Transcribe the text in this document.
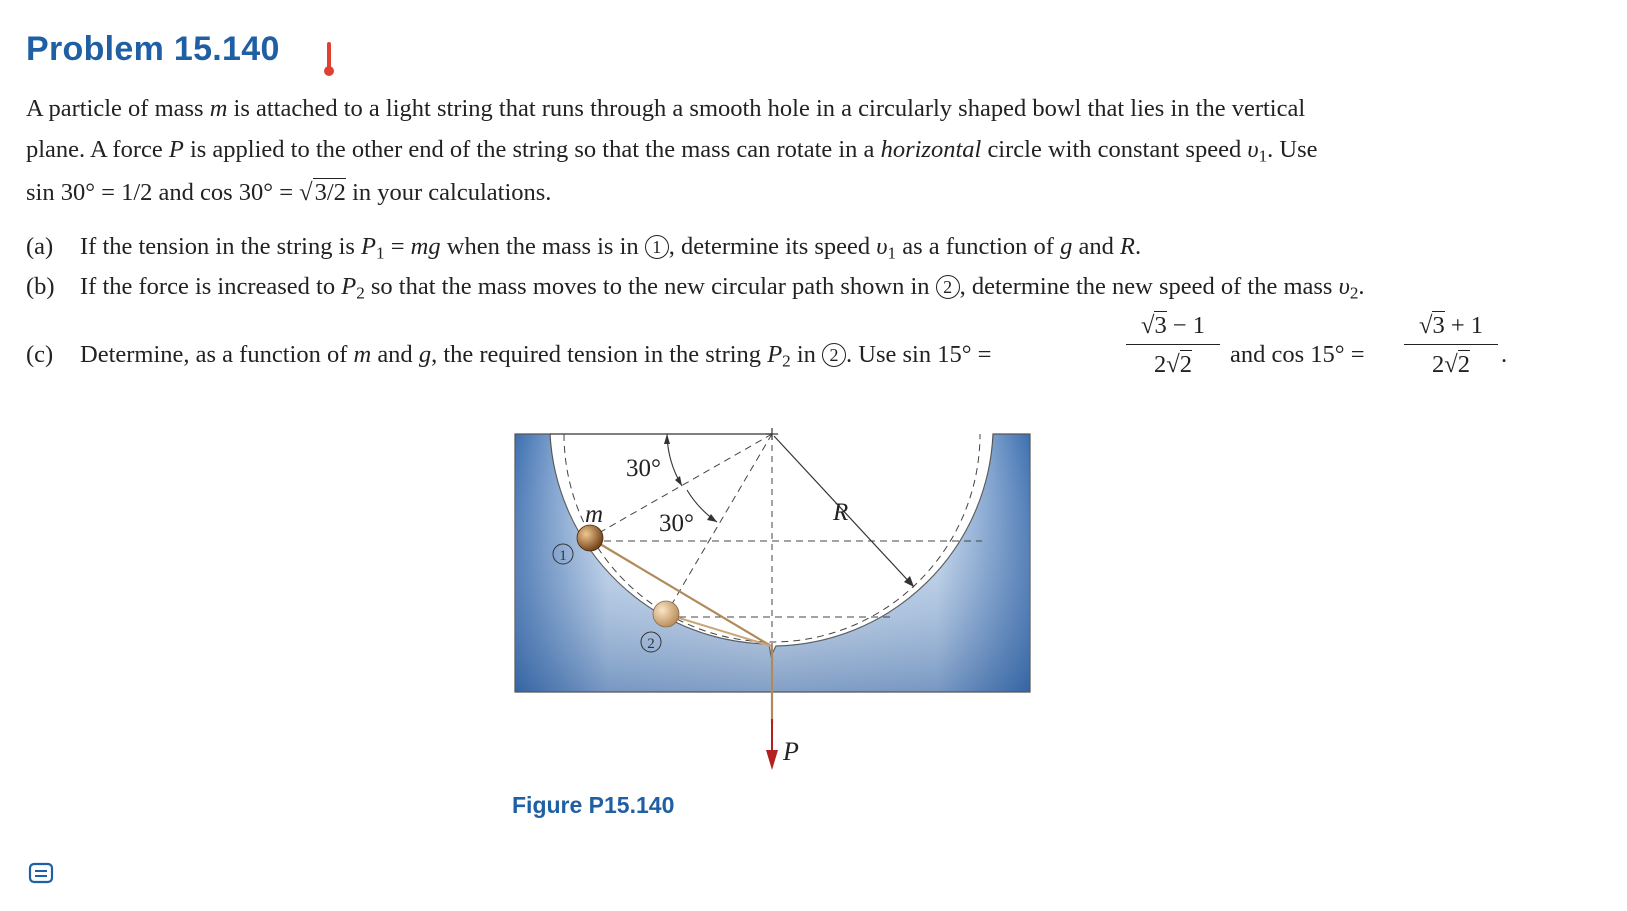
Problem 15.140
A particle of mass m is attached to a light string that runs through a smooth hole in a circularly shaped bowl that lies in the vertical
plane. A force P is applied to the other end of the string so that the mass can rotate in a horizontal circle with constant speed $\upsilon_1$. Use
sin 30° = 1/2 and cos 30° = √3/2 in your calculations.
(a) If the tension in the string is $P_1$ = mg when the mass is in 1 , determine its speed $\upsilon_1$ as a function of g and R.
(b) If the force is increased to $P_2$ so that the mass moves to the new circular path shown in 2 , determine the new speed of the mass $\upsilon_2$.
(c) Determine, as a function of m and g, the required tension in the string $P_2$ in 2 . Use sin 15° =	$\frac{√3 - 1}{2√2}$ and $\cos 15^\circ = \frac{√3 + 1}{2√2}$ .
30°
30°
m	R
P
1
2
Figure P15.140
